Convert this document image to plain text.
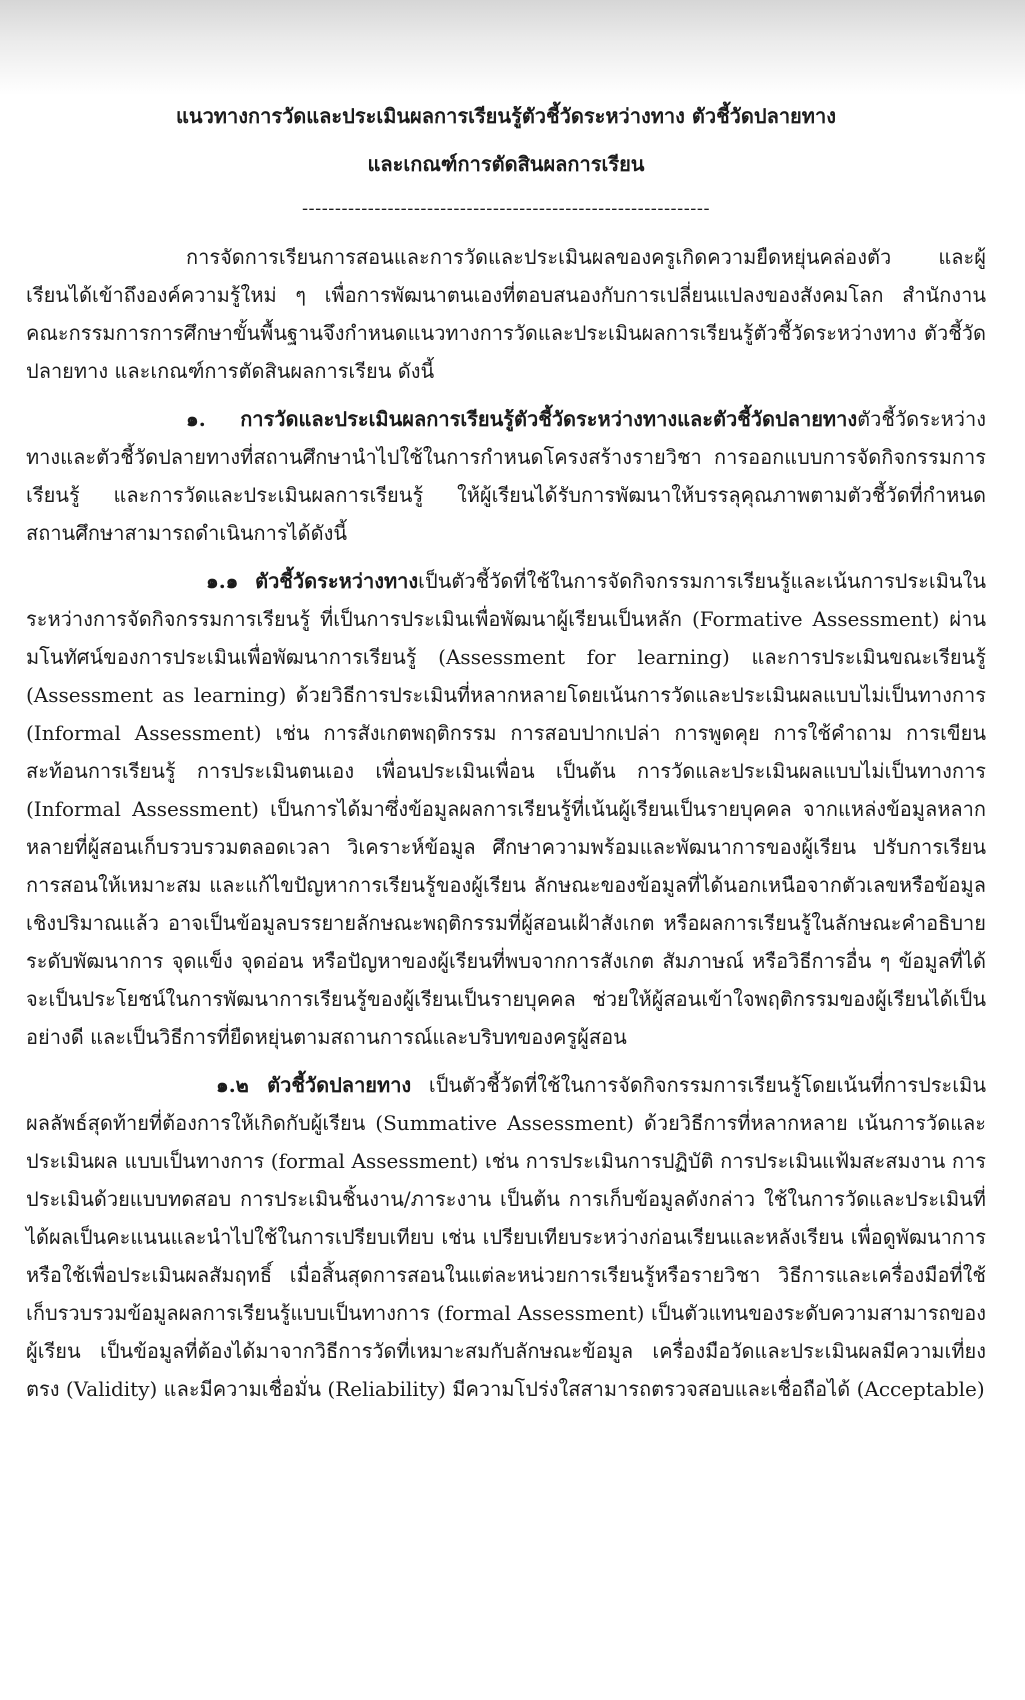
แนวทางการวัดและประเมินผลการเรียนรู้ตัวชี้วัดระหว่างทาง ตัวชี้วัดปลายทาง

และเกณฑ์การตัดสินผลการเรียน

--------------------------------------------------------------

การจัดการเรียนการสอนและการวัดและประเมินผลของครูเกิดความยืดหยุ่นคล่องตัว และผู้เรียนได้เข้าถึงองค์ความรู้ใหม่ ๆ เพื่อการพัฒนาตนเองที่ตอบสนองกับการเปลี่ยนแปลงของสังคมโลก สำนักงานคณะกรรมการการศึกษาขั้นพื้นฐานจึงกำหนดแนวทางการวัดและประเมินผลการเรียนรู้ตัวชี้วัดระหว่างทาง ตัวชี้วัดปลายทาง และเกณฑ์การตัดสินผลการเรียน ดังนี้

๑. การวัดและประเมินผลการเรียนรู้ตัวชี้วัดระหว่างทางและตัวชี้วัดปลายทางตัวชี้วัดระหว่างทางและตัวชี้วัดปลายทางที่สถานศึกษานำไปใช้ในการกำหนดโครงสร้างรายวิชา การออกแบบการจัดกิจกรรมการเรียนรู้ และการวัดและประเมินผลการเรียนรู้ ให้ผู้เรียนได้รับการพัฒนาให้บรรลุคุณภาพตามตัวชี้วัดที่กำหนด สถานศึกษาสามารถดำเนินการได้ดังนี้

๑.๑ ตัวชี้วัดระหว่างทางเป็นตัวชี้วัดที่ใช้ในการจัดกิจกรรมการเรียนรู้และเน้นการประเมินในระหว่างการจัดกิจกรรมการเรียนรู้ ที่เป็นการประเมินเพื่อพัฒนาผู้เรียนเป็นหลัก (Formative Assessment) ผ่านมโนทัศน์ของการประเมินเพื่อพัฒนาการเรียนรู้ (Assessment for learning) และการประเมินขณะเรียนรู้ (Assessment as learning) ด้วยวิธีการประเมินที่หลากหลายโดยเน้นการวัดและประเมินผลแบบไม่เป็นทางการ (Informal Assessment) เช่น การสังเกตพฤติกรรม การสอบปากเปล่า การพูดคุย การใช้คำถาม การเขียนสะท้อนการเรียนรู้ การประเมินตนเอง เพื่อนประเมินเพื่อน เป็นต้น การวัดและประเมินผลแบบไม่เป็นทางการ (Informal Assessment) เป็นการได้มาซึ่งข้อมูลผลการเรียนรู้ที่เน้นผู้เรียนเป็นรายบุคคล จากแหล่งข้อมูลหลากหลายที่ผู้สอนเก็บรวบรวมตลอดเวลา วิเคราะห์ข้อมูล ศึกษาความพร้อมและพัฒนาการของผู้เรียน ปรับการเรียนการสอนให้เหมาะสม และแก้ไขปัญหาการเรียนรู้ของผู้เรียน ลักษณะของข้อมูลที่ได้นอกเหนือจากตัวเลขหรือข้อมูลเชิงปริมาณแล้ว อาจเป็นข้อมูลบรรยายลักษณะพฤติกรรมที่ผู้สอนเฝ้าสังเกต หรือผลการเรียนรู้ในลักษณะคำอธิบายระดับพัฒนาการ จุดแข็ง จุดอ่อน หรือปัญหาของผู้เรียนที่พบจากการสังเกต สัมภาษณ์ หรือวิธีการอื่น ๆ ข้อมูลที่ได้จะเป็นประโยชน์ในการพัฒนาการเรียนรู้ของผู้เรียนเป็นรายบุคคล ช่วยให้ผู้สอนเข้าใจพฤติกรรมของผู้เรียนได้เป็นอย่างดี และเป็นวิธีการที่ยืดหยุ่นตามสถานการณ์และบริบทของครูผู้สอน

๑.๒ ตัวชี้วัดปลายทาง เป็นตัวชี้วัดที่ใช้ในการจัดกิจกรรมการเรียนรู้โดยเน้นที่การประเมินผลลัพธ์สุดท้ายที่ต้องการให้เกิดกับผู้เรียน (Summative Assessment) ด้วยวิธีการที่หลากหลาย เน้นการวัดและประเมินผล แบบเป็นทางการ (formal Assessment) เช่น การประเมินการปฏิบัติ การประเมินแฟ้มสะสมงาน การประเมินด้วยแบบทดสอบ การประเมินชิ้นงาน/ภาระงาน เป็นต้น การเก็บข้อมูลดังกล่าว ใช้ในการวัดและประเมินที่ได้ผลเป็นคะแนนและนำไปใช้ในการเปรียบเทียบ เช่น เปรียบเทียบระหว่างก่อนเรียนและหลังเรียน เพื่อดูพัฒนาการหรือใช้เพื่อประเมินผลสัมฤทธิ์ เมื่อสิ้นสุดการสอนในแต่ละหน่วยการเรียนรู้หรือรายวิชา วิธีการและเครื่องมือที่ใช้เก็บรวบรวมข้อมูลผลการเรียนรู้แบบเป็นทางการ (formal Assessment) เป็นตัวแทนของระดับความสามารถของผู้เรียน เป็นข้อมูลที่ต้องได้มาจากวิธีการวัดที่เหมาะสมกับลักษณะข้อมูล เครื่องมือวัดและประเมินผลมีความเที่ยงตรง (Validity) และมีความเชื่อมั่น (Reliability) มีความโปร่งใสสามารถตรวจสอบและเชื่อถือได้ (Acceptable)
